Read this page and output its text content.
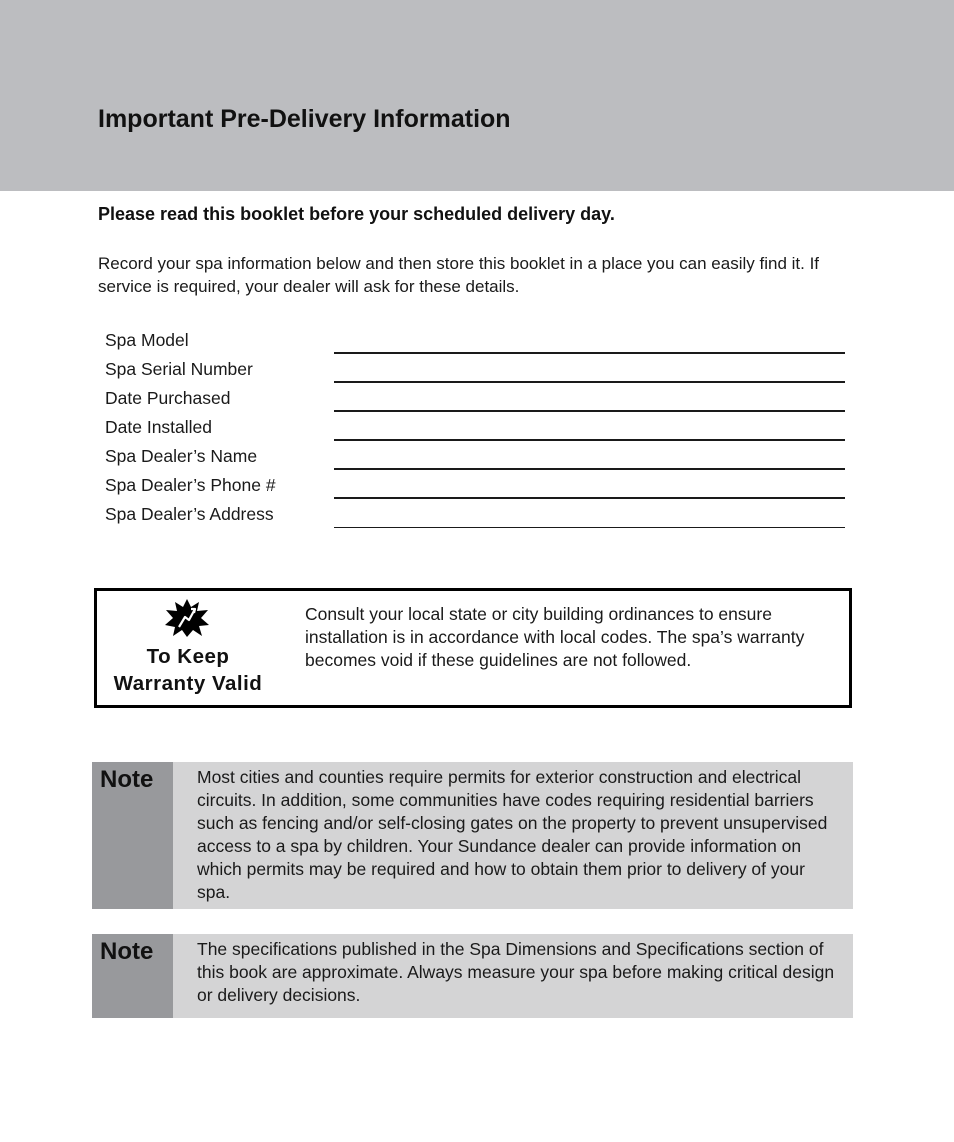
Important Pre-Delivery Information

Please read this booklet before your scheduled delivery day.

Record your spa information below and then store this booklet in a place you can easily find it. If service is required, your dealer will ask for these details.

Spa Model
Spa Serial Number
Date Purchased
Date Installed
Spa Dealer’s Name
Spa Dealer’s Phone #
Spa Dealer’s Address
To Keep
Warranty Valid

Consult your local state or city building ordinances to ensure installation is in accordance with local codes. The spa’s warranty becomes void if these guidelines are not followed.

Note Most cities and counties require permits for exterior construction and electrical circuits. In addition, some communities have codes requiring residential barriers such as fencing and/or self-closing gates on the property to prevent unsupervised access to a spa by children. Your Sundance dealer can provide information on which permits may be required and how to obtain them prior to delivery of your spa.

Note The specifications published in the Spa Dimensions and Specifications section of this book are approximate. Always measure your spa before making critical design or delivery decisions.
